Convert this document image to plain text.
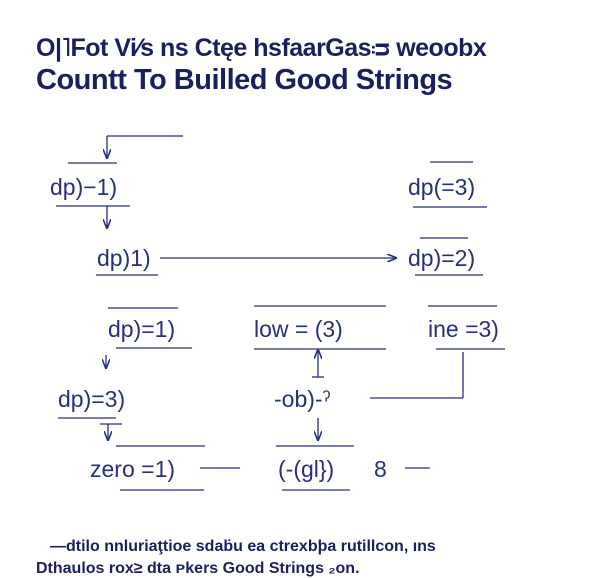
O|˥Fot Vi⁄s ns Ctęe hsfaarGasᴞ weoobx
Countt To Builled Good Strings
dp)−1)	dp(=3)
dp)1)	dp)=2)
dp)=1)	low = (3)	ine =3)
dp)=3)	-ob)-ˀ
zero =1)	(-(gl}) 8
—dtilo nnluriaţtioe sdaḃu ea ctrexbþa rutillcon, ıns
Dthaulos rox≥ dta ᴘkers Good Strings ₂on.
